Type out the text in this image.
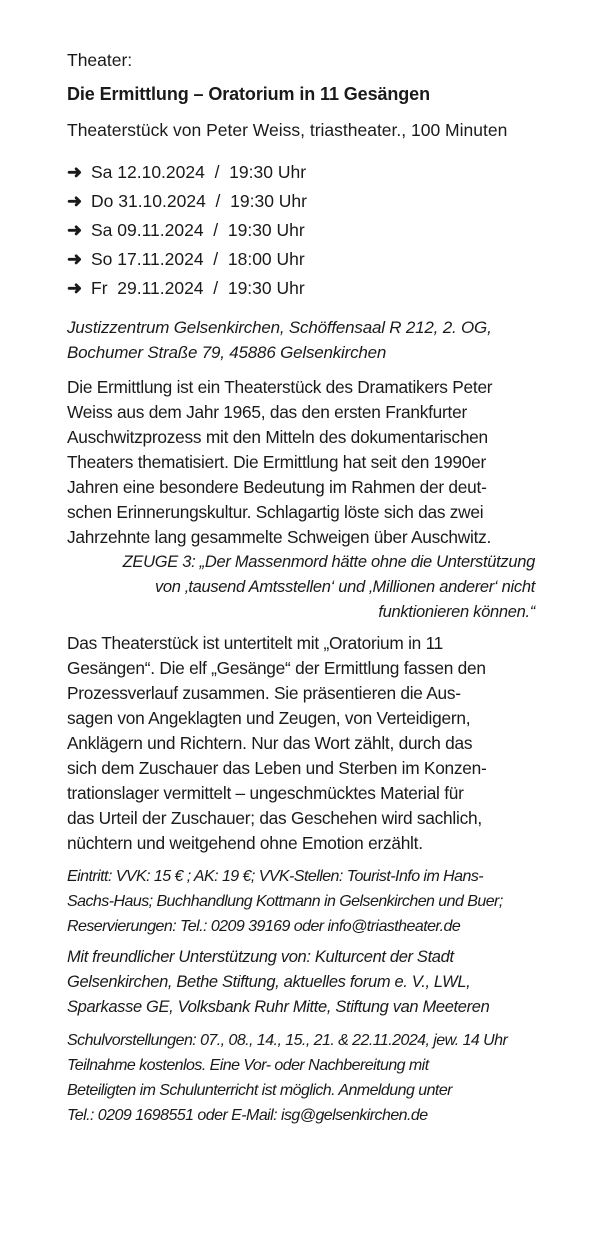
Theater:

Die Ermittlung – Oratorium in 11 Gesängen

Theaterstück von Peter Weiss, triastheater., 100 Minuten

➜ Sa 12.10.2024  /  19:30 Uhr
➜ Do 31.10.2024  /  19:30 Uhr
➜ Sa 09.11.2024  /  19:30 Uhr
➜ So 17.11.2024  /  18:00 Uhr
➜ Fr  29.11.2024  /  19:30 Uhr

Justizzentrum Gelsenkirchen, Schöffensaal R 212, 2. OG,
Bochumer Straße 79, 45886 Gelsenkirchen

Die Ermittlung ist ein Theaterstück des Dramatikers Peter
Weiss aus dem Jahr 1965, das den ersten Frankfurter
Auschwitzprozess mit den Mitteln des dokumentarischen
Theaters thematisiert. Die Ermittlung hat seit den 1990er
Jahren eine besondere Bedeutung im Rahmen der deut-
schen Erinnerungskultur. Schlagartig löste sich das zwei
Jahrzehnte lang gesammelte Schweigen über Auschwitz.

ZEUGE 3: „Der Massenmord hätte ohne die Unterstützung
von ‚tausend Amtsstellen‘ und ‚Millionen anderer‘ nicht
funktionieren können.“

Das Theaterstück ist untertitelt mit „Oratorium in 11
Gesängen“. Die elf „Gesänge“ der Ermittlung fassen den
Prozessverlauf zusammen. Sie präsentieren die Aus-
sagen von Angeklagten und Zeugen, von Verteidigern,
Anklägern und Richtern. Nur das Wort zählt, durch das
sich dem Zuschauer das Leben und Sterben im Konzen-
trationslager vermittelt – ungeschmücktes Material für
das Urteil der Zuschauer; das Geschehen wird sachlich,
nüchtern und weitgehend ohne Emotion erzählt.

Eintritt: VVK: 15 € ; AK: 19 €; VVK-Stellen: Tourist-Info im Hans-
Sachs-Haus; Buchhandlung Kottmann in Gelsenkirchen und Buer;
Reservierungen: Tel.: 0209 39169 oder info@triastheater.de

Mit freundlicher Unterstützung von: Kulturcent der Stadt
Gelsenkirchen, Bethe Stiftung, aktuelles forum e. V., LWL,
Sparkasse GE, Volksbank Ruhr Mitte, Stiftung van Meeteren

Schulvorstellungen: 07., 08., 14., 15., 21. & 22.11.2024, jew. 14 Uhr
Teilnahme kostenlos. Eine Vor- oder Nachbereitung mit
Beteiligten im Schulunterricht ist möglich. Anmeldung unter
Tel.: 0209 1698551 oder E-Mail: isg@gelsenkirchen.de
